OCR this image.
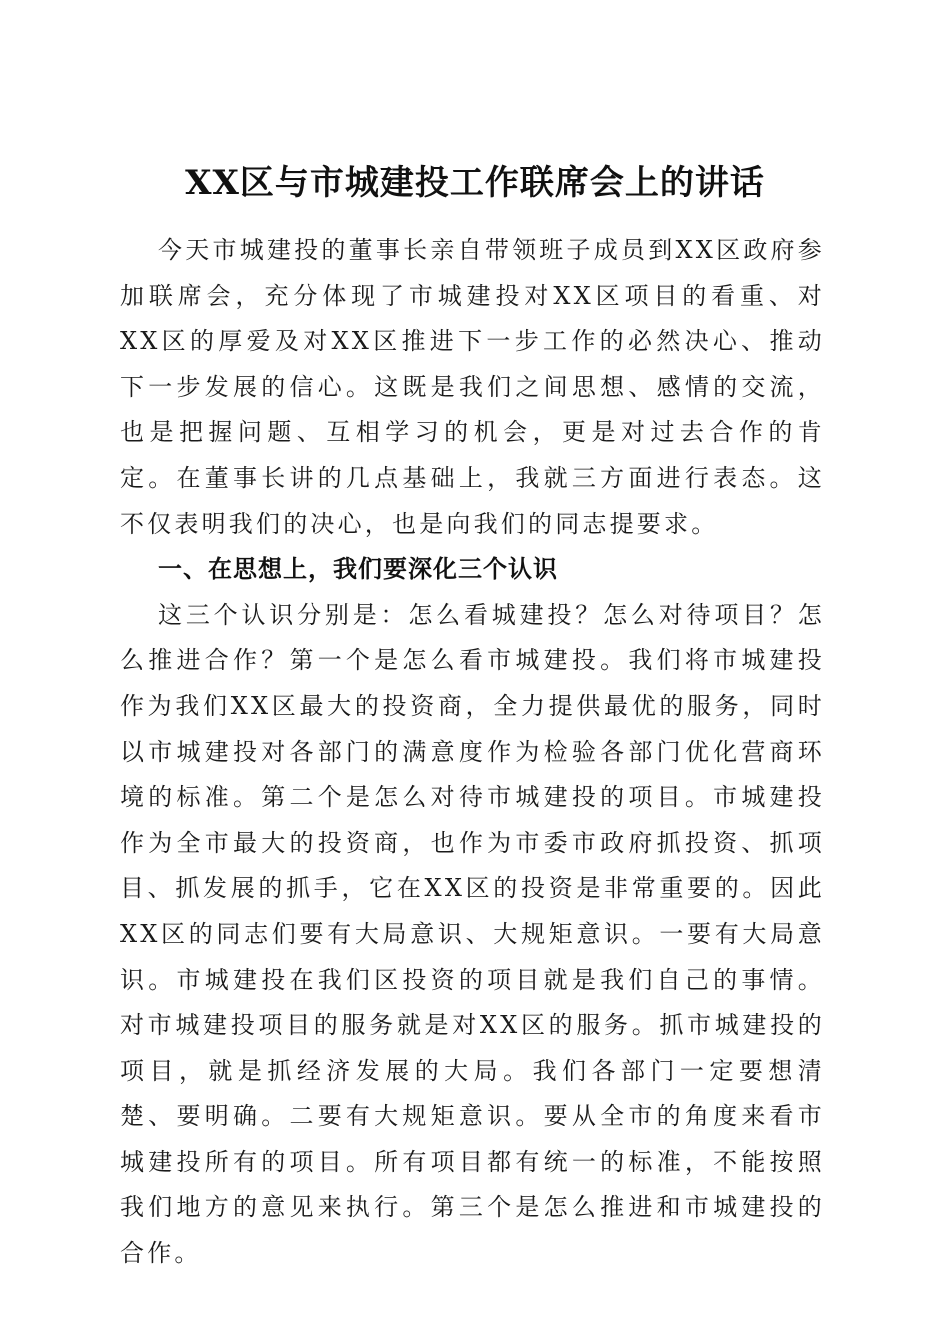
XX区与市城建投工作联席会上的讲话

今天市城建投的董事长亲自带领班子成员到XX区政府参加联席会，充分体现了市城建投对XX区项目的看重、对XX区的厚爱及对XX区推进下一步工作的必然决心、推动下一步发展的信心。这既是我们之间思想、感情的交流，也是把握问题、互相学习的机会，更是对过去合作的肯定。在董事长讲的几点基础上，我就三方面进行表态。这不仅表明我们的决心，也是向我们的同志提要求。

一、在思想上，我们要深化三个认识

这三个认识分别是：怎么看城建投？怎么对待项目？怎么推进合作？第一个是怎么看市城建投。我们将市城建投作为我们XX区最大的投资商，全力提供最优的服务，同时以市城建投对各部门的满意度作为检验各部门优化营商环境的标准。第二个是怎么对待市城建投的项目。市城建投作为全市最大的投资商，也作为市委市政府抓投资、抓项目、抓发展的抓手，它在XX区的投资是非常重要的。因此XX区的同志们要有大局意识、大规矩意识。一要有大局意识。市城建投在我们区投资的项目就是我们自己的事情。对市城建投项目的服务就是对XX区的服务。抓市城建投的项目，就是抓经济发展的大局。我们各部门一定要想清楚、要明确。二要有大规矩意识。要从全市的角度来看市城建投所有的项目。所有项目都有统一的标准，不能按照我们地方的意见来执行。第三个是怎么推进和市城建投的合作。
